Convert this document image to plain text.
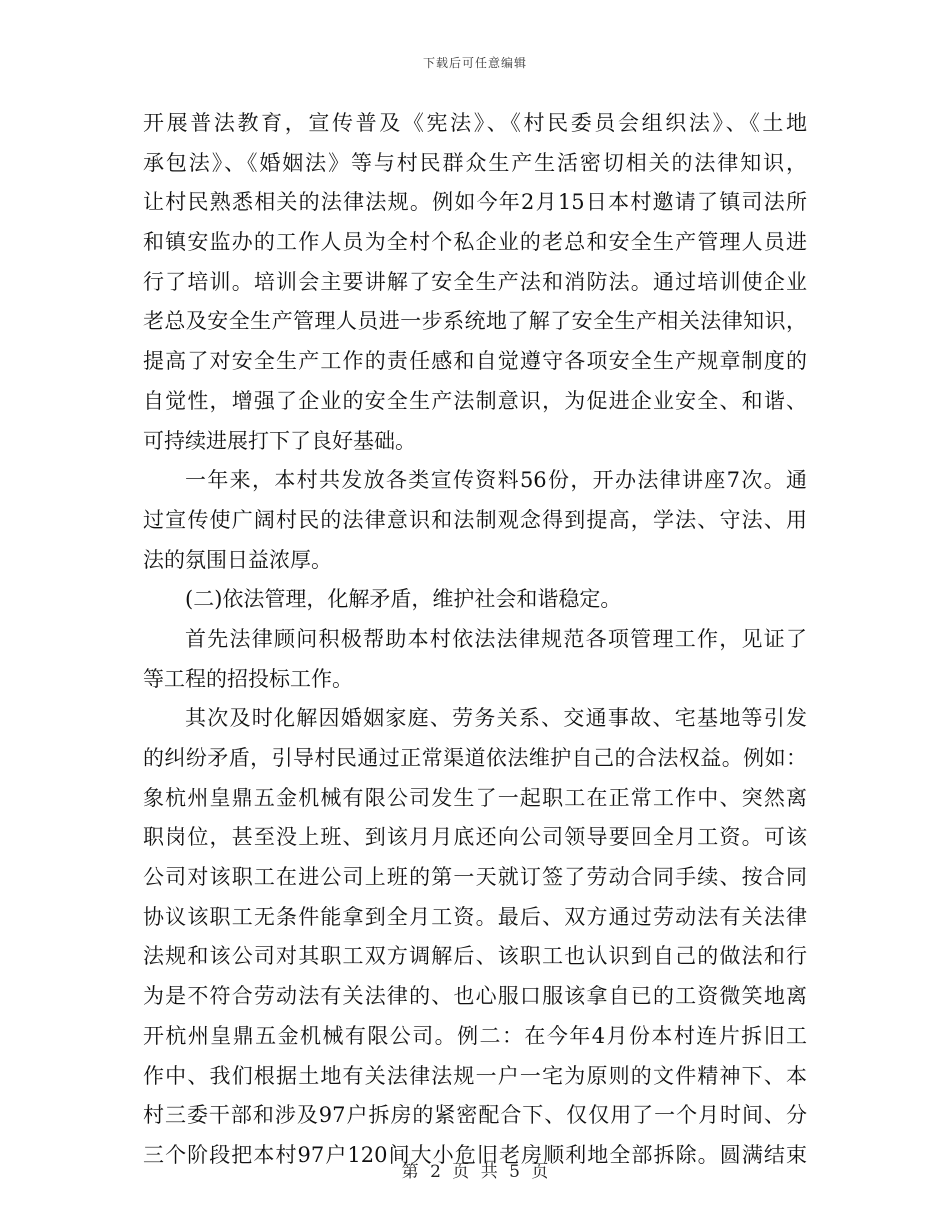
下载后可任意编辑
开展普法教育，宣传普及《宪法》、《村民委员会组织法》、《土地
承包法》、《婚姻法》等与村民群众生产生活密切相关的法律知识，
让村民熟悉相关的法律法规。例如今年2月15日本村邀请了镇司法所
和镇安监办的工作人员为全村个私企业的老总和安全生产管理人员进
行了培训。培训会主要讲解了安全生产法和消防法。通过培训使企业
老总及安全生产管理人员进一步系统地了解了安全生产相关法律知识，
提高了对安全生产工作的责任感和自觉遵守各项安全生产规章制度的
自觉性，增强了企业的安全生产法制意识，为促进企业安全、和谐、
可持续进展打下了良好基础。
一年来，本村共发放各类宣传资料56份，开办法律讲座7次。通
过宣传使广阔村民的法律意识和法制观念得到提高，学法、守法、用
法的氛围日益浓厚。
(二)依法管理，化解矛盾，维护社会和谐稳定。
首先法律顾问积极帮助本村依法法律规范各项管理工作，见证了
等工程的招投标工作。
其次及时化解因婚姻家庭、劳务关系、交通事故、宅基地等引发
的纠纷矛盾，引导村民通过正常渠道依法维护自己的合法权益。例如：
象杭州皇鼎五金机械有限公司发生了一起职工在正常工作中、突然离
职岗位，甚至没上班、到该月月底还向公司领导要回全月工资。可该
公司对该职工在进公司上班的第一天就订签了劳动合同手续、按合同
协议该职工无条件能拿到全月工资。最后、双方通过劳动法有关法律
法规和该公司对其职工双方调解后、该职工也认识到自己的做法和行
为是不符合劳动法有关法律的、也心服口服该拿自已的工资微笑地离
开杭州皇鼎五金机械有限公司。例二：在今年4月份本村连片拆旧工
作中、我们根据土地有关法律法规一户一宅为原则的文件精神下、本
村三委干部和涉及97户拆房的紧密配合下、仅仅用了一个月时间、分
三个阶段把本村97户120间大小危旧老房顺利地全部拆除。圆满结束
第 2 页 共 5 页
